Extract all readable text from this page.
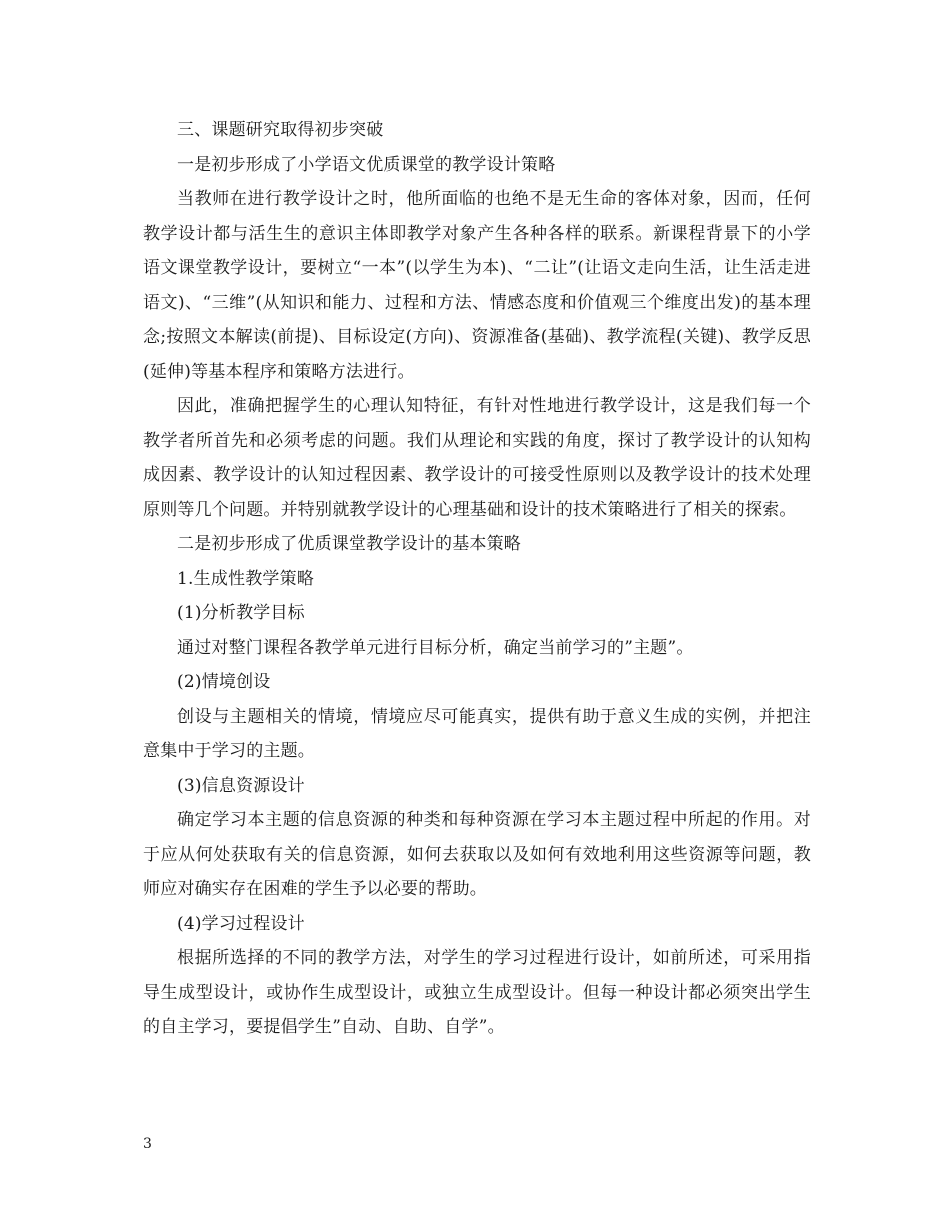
三、课题研究取得初步突破

一是初步形成了小学语文优质课堂的教学设计策略

当教师在进行教学设计之时，他所面临的也绝不是无生命的客体对象，因而，任何教学设计都与活生生的意识主体即教学对象产生各种各样的联系。新课程背景下的小学语文课堂教学设计，要树立“一本”(以学生为本)、“二让”(让语文走向生活，让生活走进语文)、“三维”(从知识和能力、过程和方法、情感态度和价值观三个维度出发)的基本理念;按照文本解读(前提)、目标设定(方向)、资源准备(基础)、教学流程(关键)、教学反思(延伸)等基本程序和策略方法进行。

因此，准确把握学生的心理认知特征，有针对性地进行教学设计，这是我们每一个教学者所首先和必须考虑的问题。我们从理论和实践的角度，探讨了教学设计的认知构成因素、教学设计的认知过程因素、教学设计的可接受性原则以及教学设计的技术处理原则等几个问题。并特别就教学设计的心理基础和设计的技术策略进行了相关的探索。

二是初步形成了优质课堂教学设计的基本策略

1.生成性教学策略

(1)分析教学目标

通过对整门课程各教学单元进行目标分析，确定当前学习的”主题”。

(2)情境创设

创设与主题相关的情境，情境应尽可能真实，提供有助于意义生成的实例，并把注意集中于学习的主题。

(3)信息资源设计

确定学习本主题的信息资源的种类和每种资源在学习本主题过程中所起的作用。对于应从何处获取有关的信息资源，如何去获取以及如何有效地利用这些资源等问题，教师应对确实存在困难的学生予以必要的帮助。

(4)学习过程设计

根据所选择的不同的教学方法，对学生的学习过程进行设计，如前所述，可采用指导生成型设计，或协作生成型设计，或独立生成型设计。但每一种设计都必须突出学生的自主学习，要提倡学生”自动、自助、自学”。

3
